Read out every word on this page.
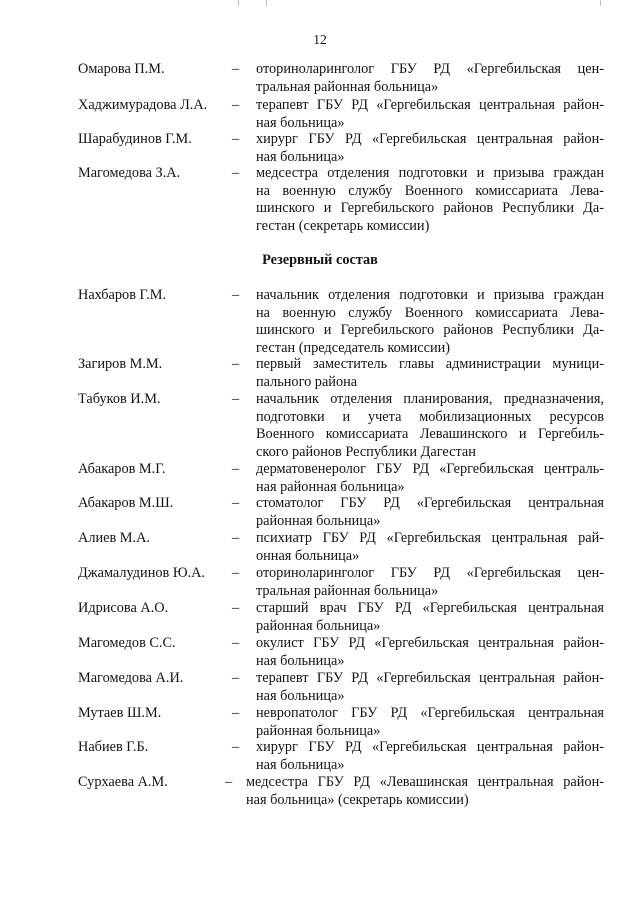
12
Омарова П.М.	– оториноларинголог ГБУ РД «Гергебильская цен-
тральная районная больница»
Хаджимурадова Л.А. – терапевт ГБУ РД «Гергебильская центральная район-
ная больница»
Шарабудинов Г.М.	– хирург ГБУ РД «Гергебильская центральная район-
ная больница»
Магомедова З.А.	– медсестра отделения подготовки и призыва граждан
на военную службу Военного комиссариата Лева-
шинского и Гергебильского районов Республики Да-
гестан (секретарь комиссии)
Резервный состав
Нахбаров Г.М.	– начальник отделения подготовки и призыва граждан
на военную службу Военного комиссариата Лева-
шинского и Гергебильского районов Республики Да-
гестан (председатель комиссии)
Загиров М.М.	– первый заместитель главы администрации муници-
пального района
Табуков И.М.	– начальник отделения планирования, предназначения,
подготовки и учета мобилизационных ресурсов
Военного комиссариата Левашинского и Гергебиль-
ского районов Республики Дагестан
Абакаров М.Г.	– дерматовенеролог ГБУ РД «Гергебильская централь-
ная районная больница»
Абакаров М.Ш.	– стоматолог ГБУ РД «Гергебильская центральная
районная больница»
Алиев М.А.	– психиатр ГБУ РД «Гергебильская центральная рай-
онная больница»
Джамалудинов Ю.А. – оториноларинголог ГБУ РД «Гергебильская цен-
тральная районная больница»
Идрисова А.О.	– старший врач ГБУ РД «Гергебильская центральная
районная больница»
Магомедов С.С.	– окулист ГБУ РД «Гергебильская центральная район-
ная больница»
Магомедова А.И.	– терапевт ГБУ РД «Гергебильская центральная район-
ная больница»
Мутаев Ш.М.	– невропатолог ГБУ РД «Гергебильская центральная
районная больница»
Набиев Г.Б.	– хирург ГБУ РД «Гергебильская центральная район-
ная больница»
Сурхаева А.М.	– медсестра ГБУ РД «Левашинская центральная район-
ная больница» (секретарь комиссии)
